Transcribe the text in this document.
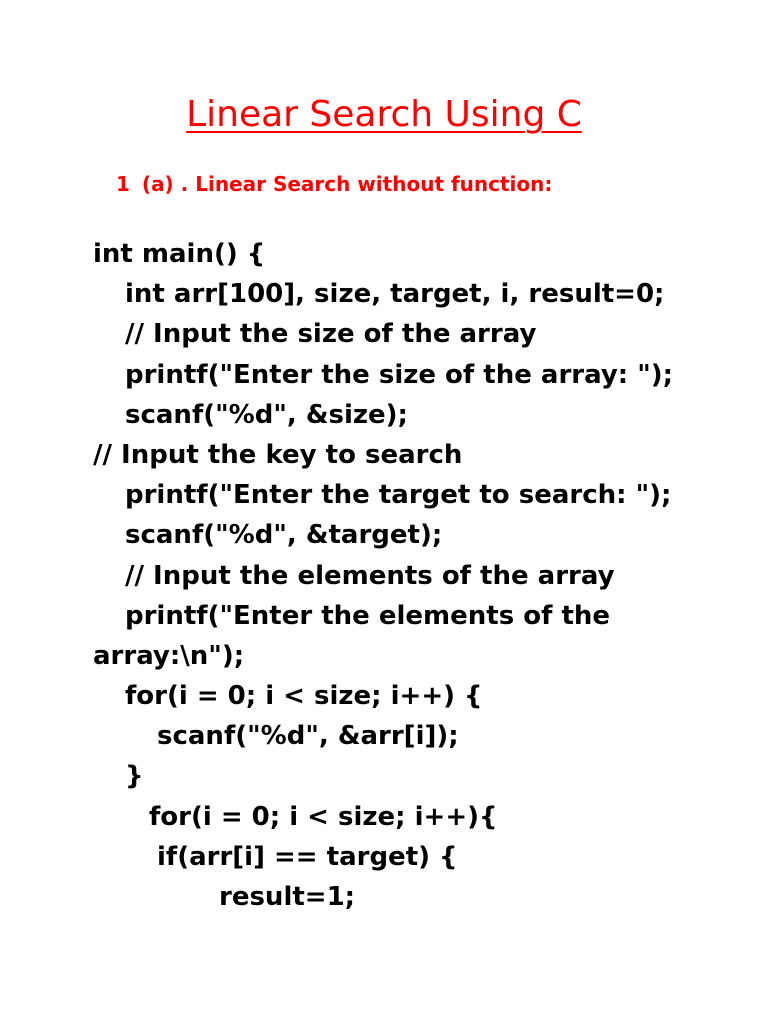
Linear Search Using C
1 (a) . Linear Search without function:
int main() {
int arr[100], size, target, i, result=0;
// Input the size of the array
printf("Enter the size of the array: ");
scanf("%d", &size);
// Input the key to search
printf("Enter the target to search: ");
scanf("%d", &target);
// Input the elements of the array
printf("Enter the elements of the
array:\n");
for(i = 0; i < size; i++) {
scanf("%d", &arr[i]);
}
for(i = 0; i < size; i++){
if(arr[i] == target) {
result=1;
